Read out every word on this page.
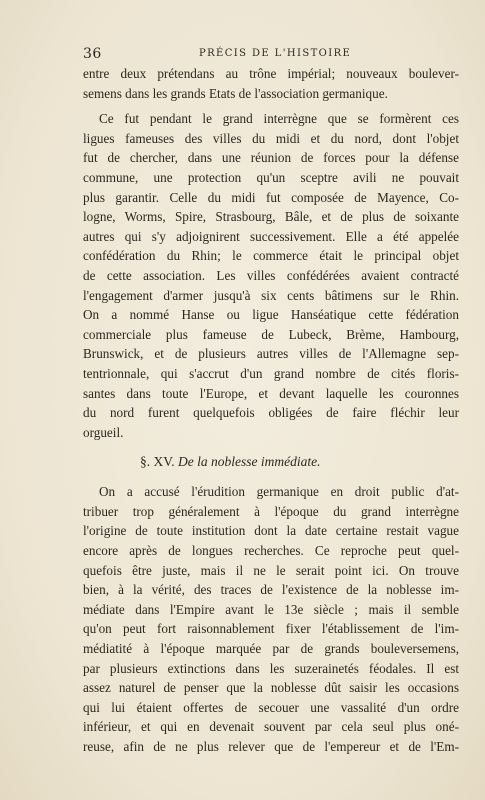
36	PRÉCIS DE L'HISTOIRE
entre deux prétendans au trône impérial; nouveaux boulever-
semens dans les grands Etats de l'association germanique.
Ce fut pendant le grand interrègne que se formèrent ces
ligues fameuses des villes du midi et du nord, dont l'objet
fut de chercher, dans une réunion de forces pour la défense
commune, une protection qu'un sceptre avili ne pouvait
plus garantir. Celle du midi fut composée de Mayence, Co-
logne, Worms, Spire, Strasbourg, Bâle, et de plus de soixante
autres qui s'y adjoignirent successivement. Elle a été appelée
confédération du Rhin; le commerce était le principal objet
de cette association. Les villes confédérées avaient contracté
l'engagement d'armer jusqu'à six cents bâtimens sur le Rhin.
On a nommé Hanse ou ligue Hanséatique cette fédération
commerciale plus fameuse de Lubeck, Brème, Hambourg,
Brunswick, et de plusieurs autres villes de l'Allemagne sep-
tentrionnale, qui s'accrut d'un grand nombre de cités floris-
santes dans toute l'Europe, et devant laquelle les couronnes
du nord furent quelquefois obligées de faire fléchir leur
orgueil.
§. XV. De la noblesse immédiate.
On a accusé l'érudition germanique en droit public d'at-
tribuer trop généralement à l'époque du grand interrègne
l'origine de toute institution dont la date certaine restait vague
encore après de longues recherches. Ce reproche peut quel-
quefois être juste, mais il ne le serait point ici. On trouve
bien, à la vérité, des traces de l'existence de la noblesse im-
médiate dans l'Empire avant le 13e siècle ; mais il semble
qu'on peut fort raisonnablement fixer l'établissement de l'im-
médiatité à l'époque marquée par de grands bouleversemens,
par plusieurs extinctions dans les suzerainetés féodales. Il est
assez naturel de penser que la noblesse dût saisir les occasions
qui lui étaient offertes de secouer une vassalité d'un ordre
inférieur, et qui en devenait souvent par cela seul plus oné-
reuse, afin de ne plus relever que de l'empereur et de l'Em-
